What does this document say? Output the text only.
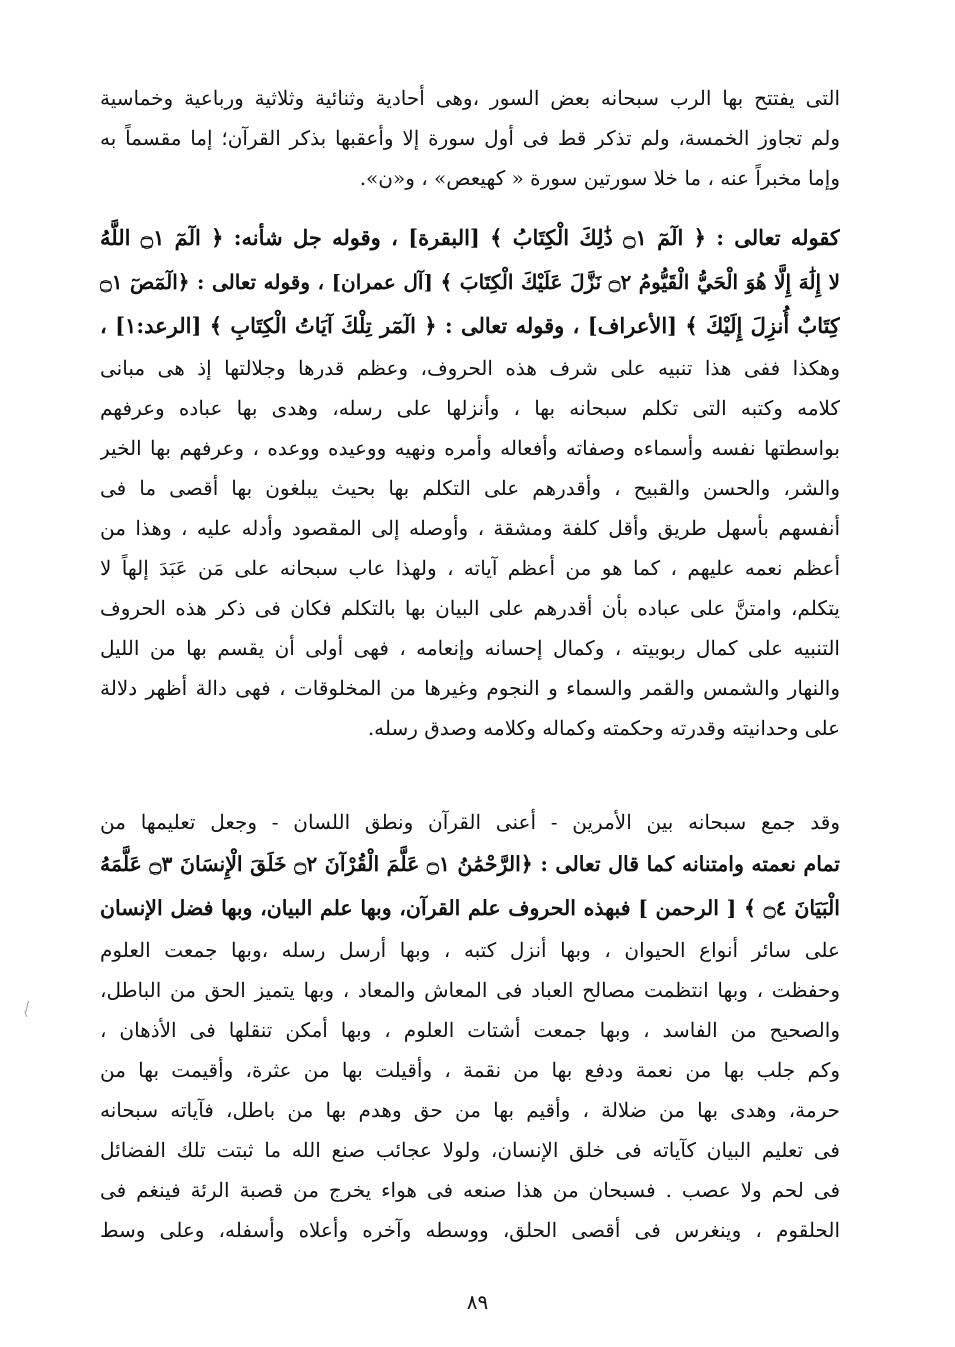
التى يفتتح بها الرب سبحانه بعض السور ،وهى أحادية وثنائية وثلاثية ورباعية وخماسية
ولم تجاوز الخمسة، ولم تذكر قط فى أول سورة إلا وأعقبها بذكر القرآن؛ إما مقسماً به
وإما مخبراً عنه ، ما خلا سورتين سورة « كهيعص» ، و«ن».
كقوله تعالى : ﴿ الٓمٓ ۝١ ذَٰلِكَ الْكِتَابُ ﴾ [البقرة] ، وقوله جل شأنه: ﴿ الٓمٓ ۝١ اللَّهُ
لا إِلَٰهَ إِلَّا هُوَ الْحَيُّ الْقَيُّومُ ۝٢ نَزَّلَ عَلَيْكَ الْكِتَابَ ﴾ [آل عمران] ، وقوله تعالى : ﴿الٓمٓصٓ ۝١
كِتَابٌ أُنزِلَ إِلَيْكَ ﴾ [الأعراف] ، وقوله تعالى : ﴿ الٓمٓر تِلْكَ آيَاتُ الْكِتَابِ ﴾ [الرعد:١] ،
وهكذا ففى هذا تنبيه على شرف هذه الحروف، وعظم قدرها وجلالتها إذ هى مبانى
كلامه وكتبه التى تكلم سبحانه بها ، وأنزلها على رسله، وهدى بها عباده وعرفهم
بواسطتها نفسه وأسماءه وصفاته وأفعاله وأمره ونهيه ووعيده ووعده ، وعرفهم بها الخير
والشر، والحسن والقبيح ، وأقدرهم على التكلم بها بحيث يبلغون بها أقصى ما فى
أنفسهم بأسهل طريق وأقل كلفة ومشقة ، وأوصله إلى المقصود وأدله عليه ، وهذا من
أعظم نعمه عليهم ، كما هو من أعظم آياته ، ولهذا عاب سبحانه على مَن عَبَدَ إلهاً لا
يتكلم، وامتنَّ على عباده بأن أقدرهم على البيان بها بالتكلم فكان فى ذكر هذه الحروف
التنبيه على كمال ربوبيته ، وكمال إحسانه وإنعامه ، فهى أولى أن يقسم بها من الليل
والنهار والشمس والقمر والسماء و النجوم وغيرها من المخلوقات ، فهى دالة أظهر دلالة
على وحدانيته وقدرته وحكمته وكماله وكلامه وصدق رسله.
وقد جمع سبحانه بين الأمرين - أعنى القرآن ونطق اللسان - وجعل تعليمها من
تمام نعمته وامتنانه كما قال تعالى : ﴿الرَّحْمَٰنُ ۝١ عَلَّمَ الْقُرْآنَ ۝٢ خَلَقَ الْإِنسَانَ ۝٣ عَلَّمَهُ
الْبَيَانَ ۝٤ ﴾ [ الرحمن ] فبهذه الحروف علم القرآن، وبها علم البيان، وبها فضل الإنسان
على سائر أنواع الحيوان ، وبها أنزل كتبه ، وبها أرسل رسله ،وبها جمعت العلوم
وحفظت ، وبها انتظمت مصالح العباد فى المعاش والمعاد ، وبها يتميز الحق من الباطل،
والصحيح من الفاسد ، وبها جمعت أشتات العلوم ، وبها أمكن تنقلها فى الأذهان ،
وكم جلب بها من نعمة ودفع بها من نقمة ، وأقيلت بها من عثرة، وأقيمت بها من
حرمة، وهدى بها من ضلالة ، وأقيم بها من حق وهدم بها من باطل، فآياته سبحانه
فى تعليم البيان كآياته فى خلق الإنسان، ولولا عجائب صنع الله ما ثبتت تلك الفضائل
فى لحم ولا عصب . فسبحان من هذا صنعه فى هواء يخرج من قصبة الرئة فينغم فى
الحلقوم ، وينغرس فى أقصى الحلق، ووسطه وآخره وأعلاه وأسفله، وعلى وسط
٨٩
